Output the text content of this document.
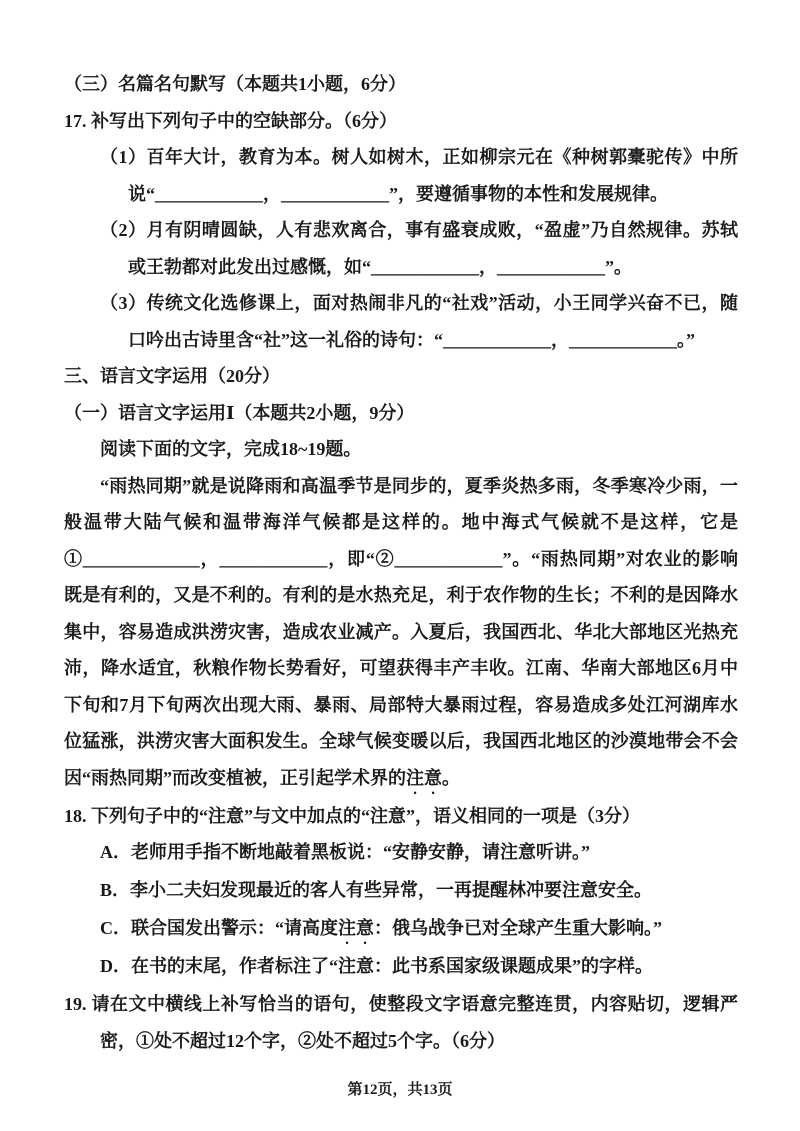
（三）名篇名句默写（本题共1小题，6分）
17. 补写出下列句子中的空缺部分。（6分）
（1）百年大计，教育为本。树人如树木，正如柳宗元在《种树郭橐驼传》中所说“____________，____________”，要遵循事物的本性和发展规律。
（2）月有阴晴圆缺，人有悲欢离合，事有盛衰成败，“盈虚”乃自然规律。苏轼或王勃都对此发出过感慨，如“____________，____________”。
（3）传统文化选修课上，面对热闹非凡的“社戏”活动，小王同学兴奋不已，随口吟出古诗里含“社”这一礼俗的诗句：“____________，____________。”
三、语言文字运用（20分）
（一）语言文字运用Ⅰ（本题共2小题，9分）
阅读下面的文字，完成18~19题。
“雨热同期”就是说降雨和高温季节是同步的，夏季炎热多雨，冬季寒冷少雨，一般温带大陆气候和温带海洋气候都是这样的。地中海式气候就不是这样，它是①_____________，____________，即“②____________”。“雨热同期”对农业的影响既是有利的，又是不利的。有利的是水热充足，利于农作物的生长；不利的是因降水集中，容易造成洪涝灾害，造成农业减产。入夏后，我国西北、华北大部地区光热充沛，降水适宜，秋粮作物长势看好，可望获得丰产丰收。江南、华南大部地区6月中下旬和7月下旬两次出现大雨、暴雨、局部特大暴雨过程，容易造成多处江河湖库水位猛涨，洪涝灾害大面积发生。全球气候变暖以后，我国西北地区的沙漠地带会不会因“雨热同期”而改变植被，正引起学术界的注意。
18. 下列句子中的“注意”与文中加点的“注意”，语义相同的一项是（3分）
A．老师用手指不断地敲着黑板说：“安静安静，请注意听讲。”
B．李小二夫妇发现最近的客人有些异常，一再提醒林冲要注意安全。
C．联合国发出警示：“请高度注意：俄乌战争已对全球产生重大影响。”
D．在书的末尾，作者标注了“注意：此书系国家级课题成果”的字样。
19. 请在文中横线上补写恰当的语句，使整段文字语意完整连贯，内容贴切，逻辑严密，①处不超过12个字，②处不超过5个字。（6分）
第12页，共13页
